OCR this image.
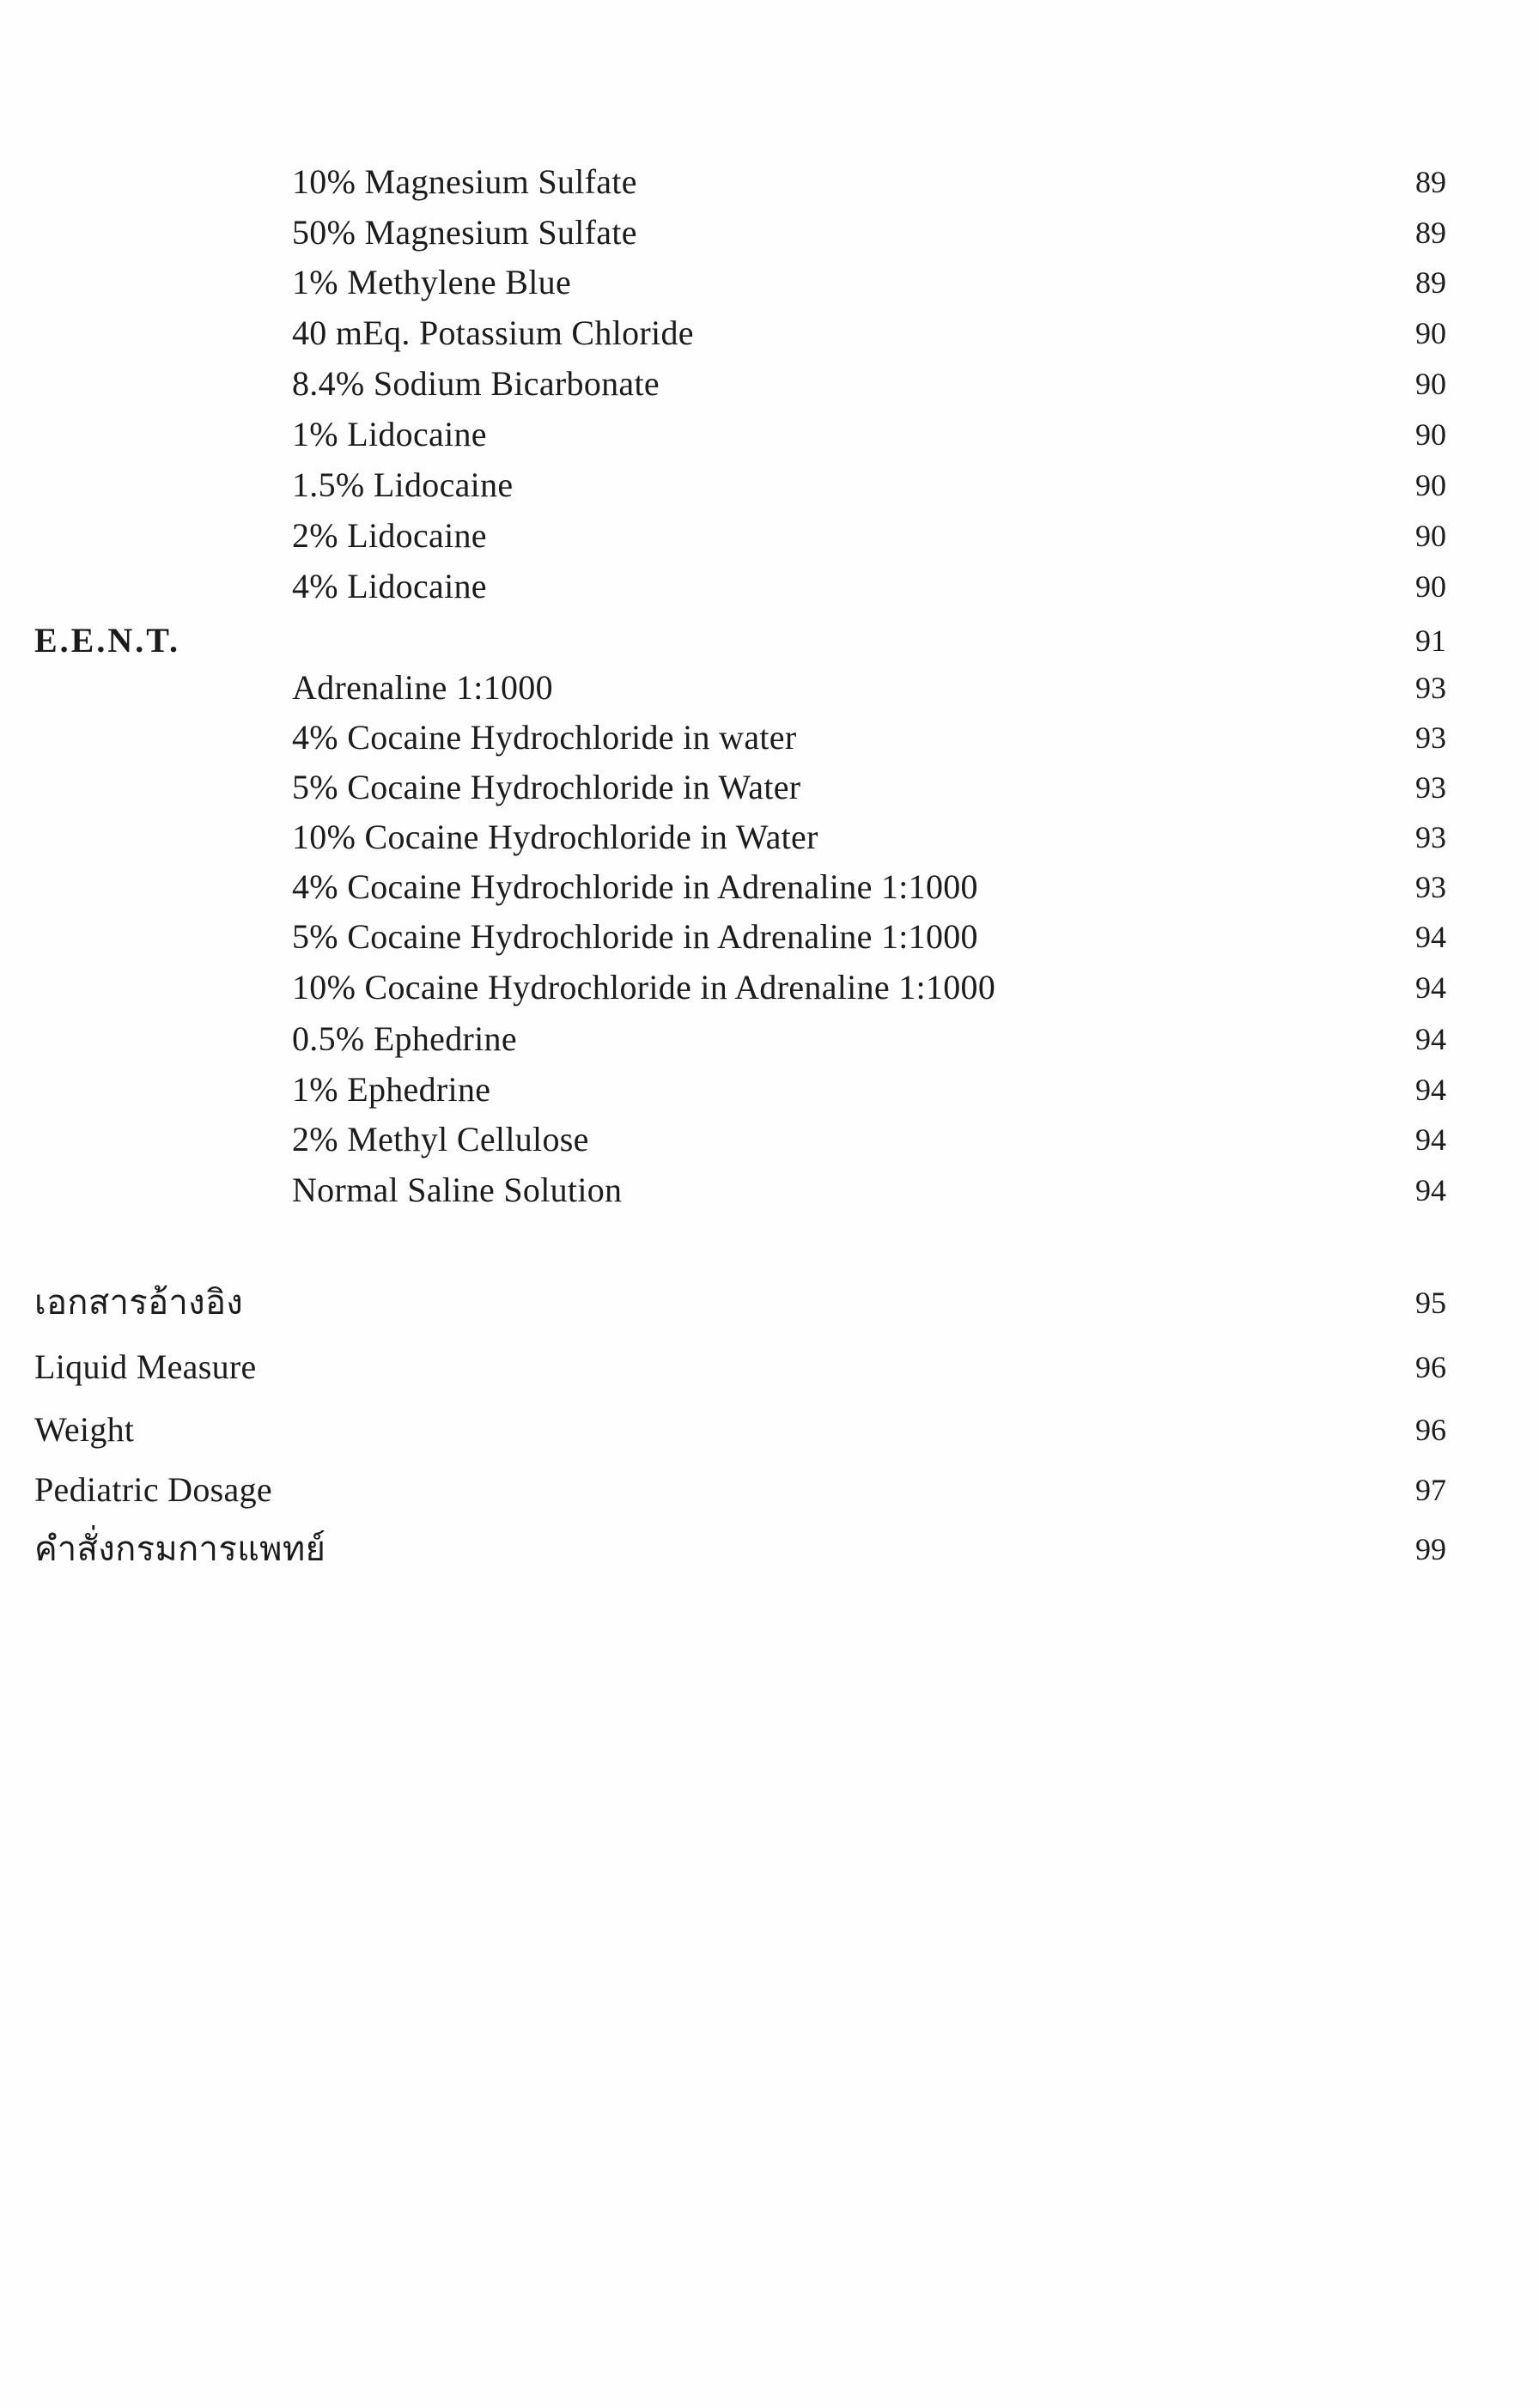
10% Magnesium Sulfate	89
50% Magnesium Sulfate	89
1% Methylene Blue	89
40 mEq. Potassium Chloride	90
8.4% Sodium Bicarbonate	90
1% Lidocaine	90
1.5% Lidocaine	90
2% Lidocaine	90
4% Lidocaine	90
E.E.N.T.	91
Adrenaline 1:1000	93
4% Cocaine Hydrochloride in water	93
5% Cocaine Hydrochloride in Water	93
10% Cocaine Hydrochloride in Water	93
4% Cocaine Hydrochloride in Adrenaline 1:1000	93
5% Cocaine Hydrochloride in Adrenaline 1:1000	94
10% Cocaine Hydrochloride in Adrenaline 1:1000	94
0.5% Ephedrine	94
1% Ephedrine	94
2% Methyl Cellulose	94
Normal Saline Solution	94
เอกสารอ้างอิง	95
Liquid Measure	96
Weight	96
Pediatric Dosage	97
คำสั่งกรมการแพทย์	99
